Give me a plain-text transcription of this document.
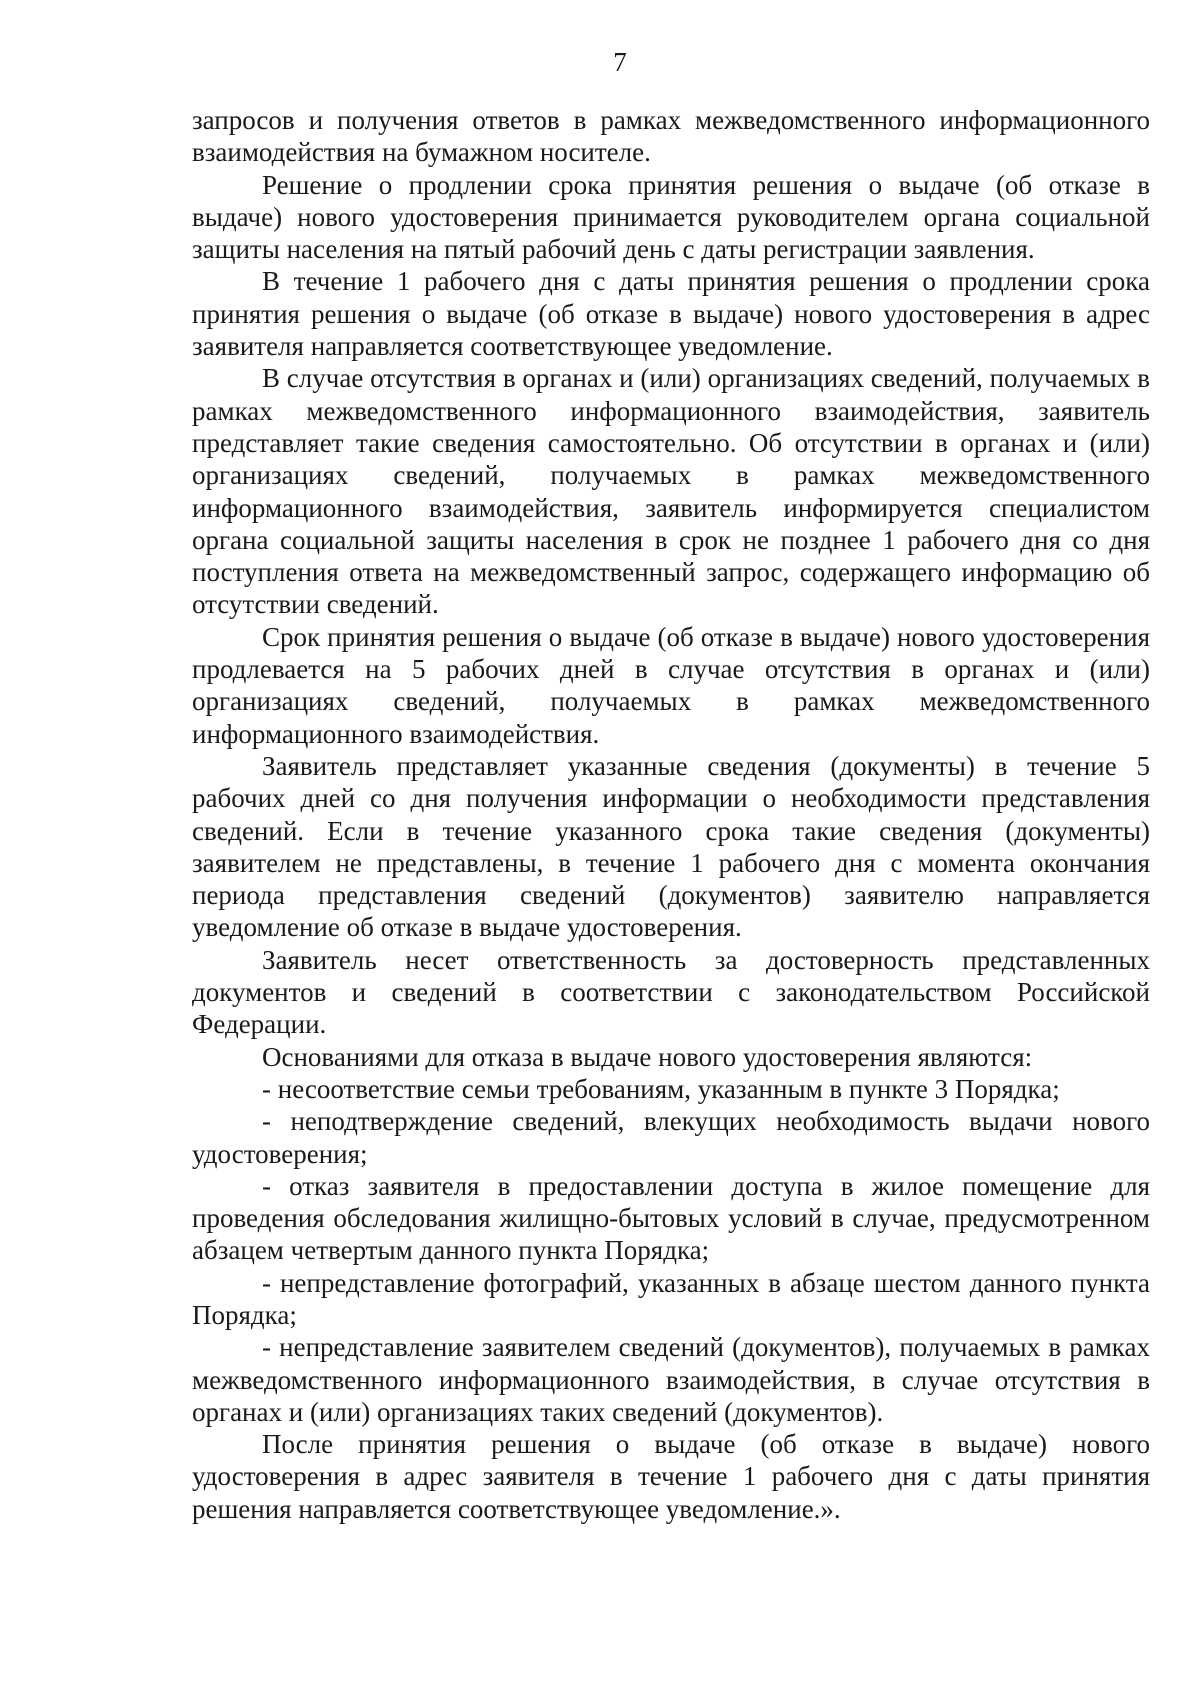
7

запросов и получения ответов в рамках межведомственного информационного взаимодействия на бумажном носителе.

Решение о продлении срока принятия решения о выдаче (об отказе в выдаче) нового удостоверения принимается руководителем органа социальной защиты населения на пятый рабочий день с даты регистрации заявления.

В течение 1 рабочего дня с даты принятия решения о продлении срока принятия решения о выдаче (об отказе в выдаче) нового удостоверения в адрес заявителя направляется соответствующее уведомление.

В случае отсутствия в органах и (или) организациях сведений, получаемых в рамках межведомственного информационного взаимодействия, заявитель представляет такие сведения самостоятельно. Об отсутствии в органах и (или) организациях сведений, получаемых в рамках межведомственного информационного взаимодействия, заявитель информируется специалистом органа социальной защиты населения в срок не позднее 1 рабочего дня со дня поступления ответа на межведомственный запрос, содержащего информацию об отсутствии сведений.

Срок принятия решения о выдаче (об отказе в выдаче) нового удостоверения продлевается на 5 рабочих дней в случае отсутствия в органах и (или) организациях сведений, получаемых в рамках межведомственного информационного взаимодействия.

Заявитель представляет указанные сведения (документы) в течение 5 рабочих дней со дня получения информации о необходимости представления сведений. Если в течение указанного срока такие сведения (документы) заявителем не представлены, в течение 1 рабочего дня с момента окончания периода представления сведений (документов) заявителю направляется уведомление об отказе в выдаче удостоверения.

Заявитель несет ответственность за достоверность представленных документов и сведений в соответствии с законодательством Российской Федерации.

Основаниями для отказа в выдаче нового удостоверения являются:

- несоответствие семьи требованиям, указанным в пункте 3 Порядка;

- неподтверждение сведений, влекущих необходимость выдачи нового удостоверения;

- отказ заявителя в предоставлении доступа в жилое помещение для проведения обследования жилищно-бытовых условий в случае, предусмотренном абзацем четвертым данного пункта Порядка;

- непредставление фотографий, указанных в абзаце шестом данного пункта Порядка;

- непредставление заявителем сведений (документов), получаемых в рамках межведомственного информационного взаимодействия, в случае отсутствия в органах и (или) организациях таких сведений (документов).

После принятия решения о выдаче (об отказе в выдаче) нового удостоверения в адрес заявителя в течение 1 рабочего дня с даты принятия решения направляется соответствующее уведомление.».
